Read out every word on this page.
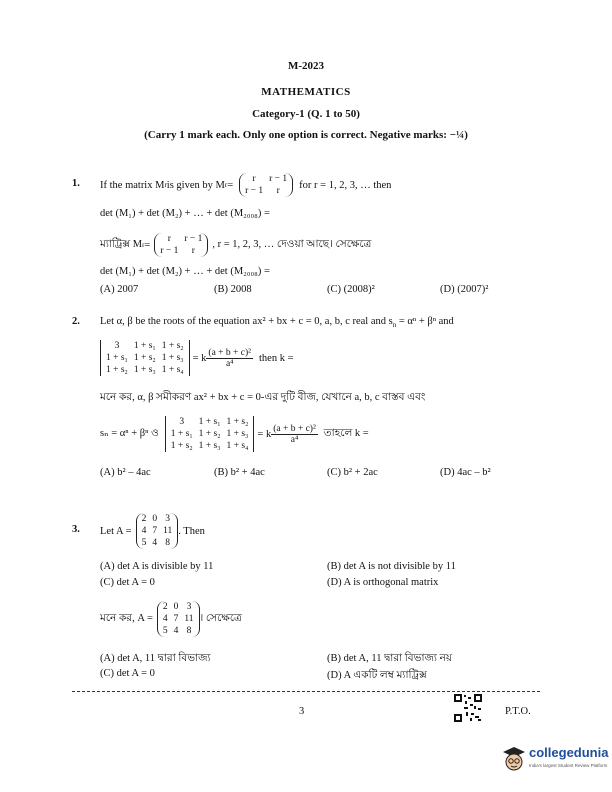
M-2023
MATHEMATICS
Category-1 (Q. 1 to 50)
(Carry 1 mark each. Only one option is correct. Negative marks: −¼)
1. If the matrix M r is given by M r =
r	r − 1
r − 1	r
for r = 1, 2, 3, … then
det (M₁) + det (M₂) + … + det (M₂₀₀₈) =
ম্যাট্রিক্স M r =
r	r − 1
r − 1	r
, r = 1, 2, 3, … দেওয়া আছে। সেক্ষেত্রে
det (M₁) + det (M₂) + … + det (M₂₀₀₈) =
(A) 2007	(B) 2008	(C) (2008)²	(D) (2007)²
2. Let α, β be the roots of the equation ax² + bx + c = 0, a, b, c real and $s_n = \alpha^n + \beta^n$ and
3	1 + s₁	1 + s₂
1 + s₁	1 + s₂	1 + s₃
1 + s₂	1 + s₃	1 + s₄
= k $\frac{\text{(a + b + c)²}}{\text{a⁴}}$ then k =
মনে কর, α, β সমীকরণ ax² + bx + c = 0-এর দুটি বীজ, যেখানে a, b, c বাস্তব এবং
sₙ = αⁿ + βⁿ ও
3	1 + s₁	1 + s₂
1 + s₁	1 + s₂	1 + s₃
1 + s₂	1 + s₃	1 + s₄
= k $\frac{\text{(a + b + c)²}}{\text{a⁴}}$ তাহলে k =
(A) b² – 4ac	(B) b² + 4ac	(C) b² + 2ac	(D) 4ac – b²
3. Let A =
2	0	3
4	7	11
5	4	8
. Then
(A) det A is divisible by 11	(B) det A is not divisible by 11
(C) det A = 0	(D) A is orthogonal matrix
মনে কর, A =
2	0	3
4	7	11
5	4	8
। সেক্ষেত্রে
(A) det A, 11 দ্বারা বিভাজ্য	(B) det A, 11 দ্বারা বিভাজ্য নয়
(C) det A = 0	(D) A একটি লম্ব ম্যাট্রিক্স
3	P.T.O.
collegedunia
India's largest Student Review Platform
